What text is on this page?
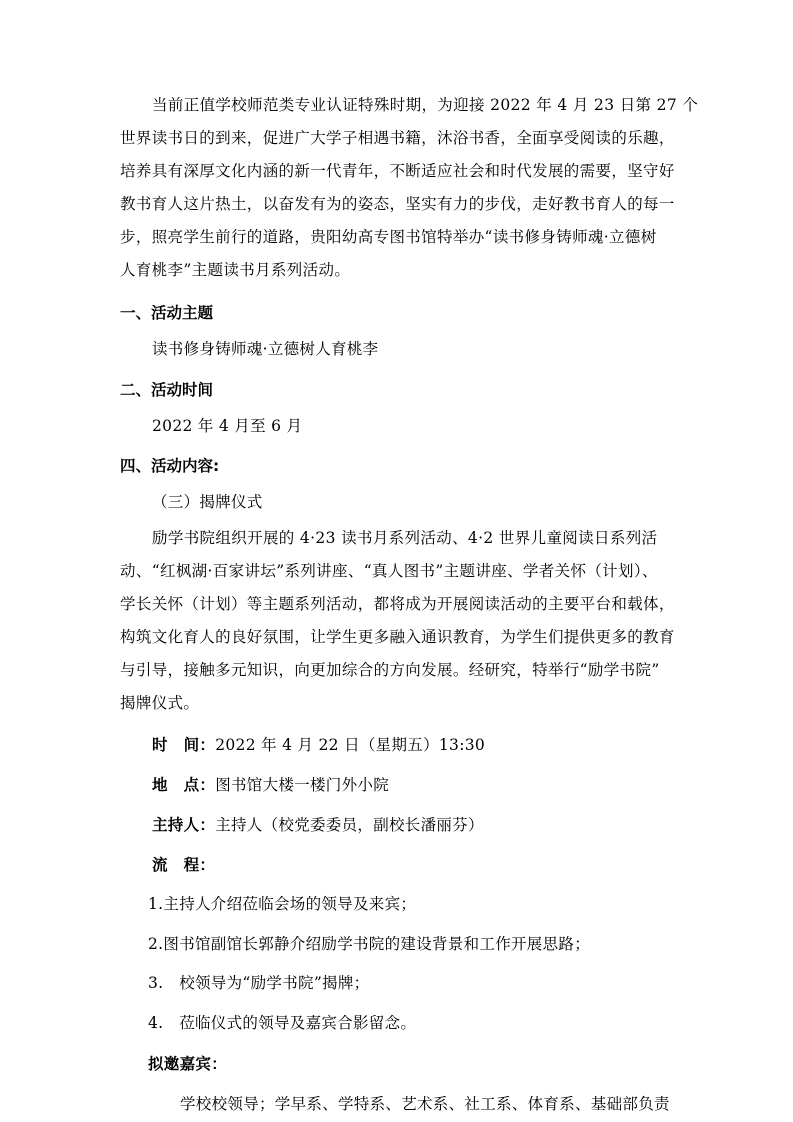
当前正值学校师范类专业认证特殊时期，为迎接 2022 年 4 月 23 日第 27 个
世界读书日的到来，促进广大学子相遇书籍，沐浴书香，全面享受阅读的乐趣，
培养具有深厚文化内涵的新一代青年，不断适应社会和时代发展的需要，坚守好
教书育人这片热土，以奋发有为的姿态，坚实有力的步伐，走好教书育人的每一
步，照亮学生前行的道路，贵阳幼高专图书馆特举办“读书修身铸师魂·立德树
人育桃李”主题读书月系列活动。
一、活动主题
读书修身铸师魂·立德树人育桃李
二、活动时间
2022 年 4 月至 6 月
四、活动内容:
（三）揭牌仪式
励学书院组织开展的 4·23 读书月系列活动、4·2 世界儿童阅读日系列活
动、“红枫湖·百家讲坛”系列讲座、“真人图书”主题讲座、学者关怀（计划）、
学长关怀（计划）等主题系列活动，都将成为开展阅读活动的主要平台和载体，
构筑文化育人的良好氛围，让学生更多融入通识教育，为学生们提供更多的教育
与引导，接触多元知识，向更加综合的方向发展。经研究，特举行“励学书院”
揭牌仪式。
时　间：2022 年 4 月 22 日（星期五）13:30
地　点：图书馆大楼一楼门外小院
主持人：主持人（校党委委员，副校长潘丽芬）
流　程：
1.主持人介绍莅临会场的领导及来宾；
2.图书馆副馆长郭静介绍励学书院的建设背景和工作开展思路；
3.　校领导为“励学书院”揭牌；
4.　莅临仪式的领导及嘉宾合影留念。
拟邀嘉宾：
学校校领导；学早系、学特系、艺术系、社工系、体育系、基础部负责
